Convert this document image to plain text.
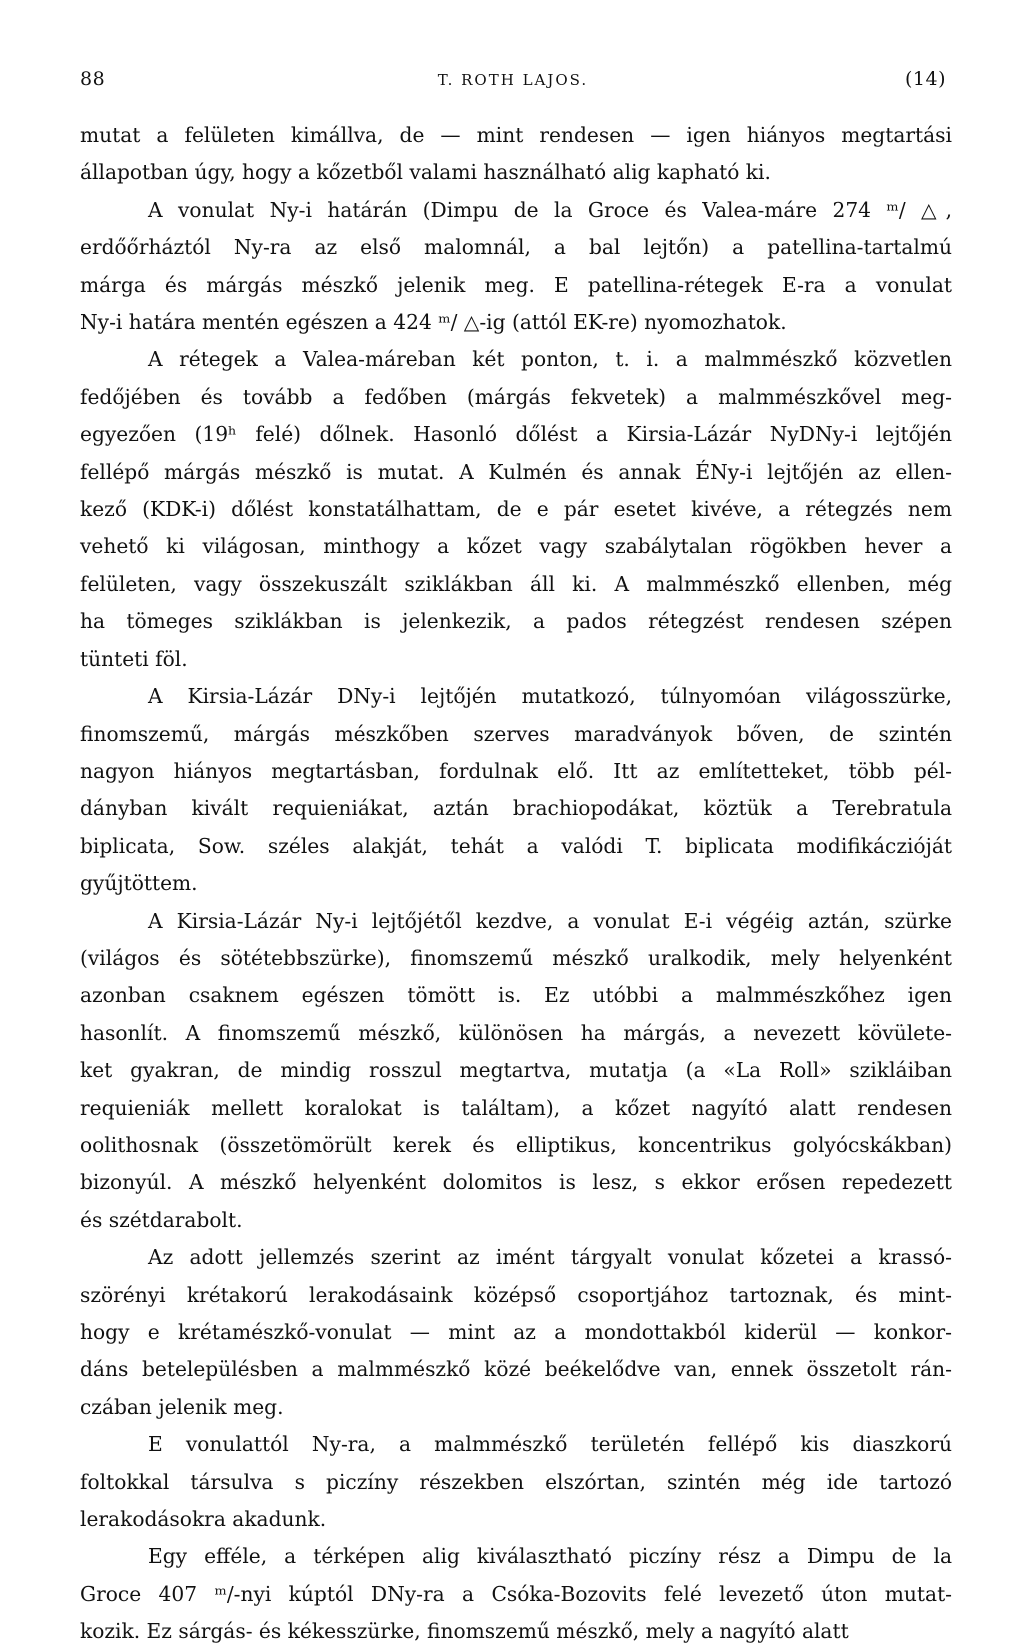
88	T. ROTH LAJOS.	(14)
mutat a felületen kimállva, de — mint rendesen — igen hiányos megtartási
állapotban úgy, hogy a kőzetből valami használható alig kapható ki.
A vonulat Ny-i határán (Dimpu de la Groce és Valea-máre 274 ᵐ/ △,
erdőőrháztól Ny-ra az első malomnál, a bal lejtőn) a patellina-tartalmú
márga és márgás mészkő jelenik meg. E patellina-rétegek E-ra a vonulat
Ny-i határa mentén egészen a 424 ᵐ/ △-ig (attól EK-re) nyomozhatok.
A rétegek a Valea-máreban két ponton, t. i. a malmmészkő közvetlen
fedőjében és tovább a fedőben (márgás fekvetek) a malmmészkővel meg-
egyezően (19ʰ felé) dőlnek. Hasonló dőlést a Kirsia-Lázár NyDNy-i lejtőjén
fellépő márgás mészkő is mutat. A Kulmén és annak ÉNy-i lejtőjén az ellen-
kező (KDK-i) dőlést konstatálhattam, de e pár esetet kivéve, a rétegzés nem
vehető ki világosan, minthogy a kőzet vagy szabálytalan rögökben hever a
felületen, vagy összekuszált sziklákban áll ki. A malmmészkő ellenben, még
ha tömeges sziklákban is jelenkezik, a pados rétegzést rendesen szépen
tünteti föl.
A Kirsia-Lázár DNy-i lejtőjén mutatkozó, túlnyomóan világosszürke,
finomszemű, márgás mészkőben szerves maradványok bőven, de szintén
nagyon hiányos megtartásban, fordulnak elő. Itt az említetteket, több pél-
dányban kivált requieniákat, aztán brachiopodákat, köztük a Terebratula
biplicata, Sow. széles alakját, tehát a valódi T. biplicata modifikáczióját
gyűjtöttem.
A Kirsia-Lázár Ny-i lejtőjétől kezdve, a vonulat E-i végéig aztán, szürke
(világos és sötétebbszürke), finomszemű mészkő uralkodik, mely helyenként
azonban csaknem egészen tömött is. Ez utóbbi a malmmészkőhez igen
hasonlít. A finomszemű mészkő, különösen ha márgás, a nevezett kövülete-
ket gyakran, de mindig rosszul megtartva, mutatja (a «La Roll» szikláiban
requieniák mellett koralokat is találtam), a kőzet nagyító alatt rendesen
oolithosnak (összetömörült kerek és elliptikus, koncentrikus golyócskákban)
bizonyúl. A mészkő helyenként dolomitos is lesz, s ekkor erősen repedezett
és szétdarabolt.
Az adott jellemzés szerint az imént tárgyalt vonulat kőzetei a krassó-
szörényi krétakorú lerakodásaink középső csoportjához tartoznak, és mint-
hogy e krétamészkő-vonulat — mint az a mondottakból kiderül — konkor-
dáns betelepülésben a malmmészkő közé beékelődve van, ennek összetolt rán-
czában jelenik meg.
E vonulattól Ny-ra, a malmmészkő területén fellépő kis diaszkorú
foltokkal társulva s piczíny részekben elszórtan, szintén még ide tartozó
lerakodásokra akadunk.
Egy efféle, a térképen alig kiválasztható piczíny rész a Dimpu de la
Groce 407 ᵐ/-nyi kúptól DNy-ra a Csóka-Bozovits felé levezető úton mutat-
kozik. Ez sárgás- és kékesszürke, finomszemű mészkő, mely a nagyító alatt
